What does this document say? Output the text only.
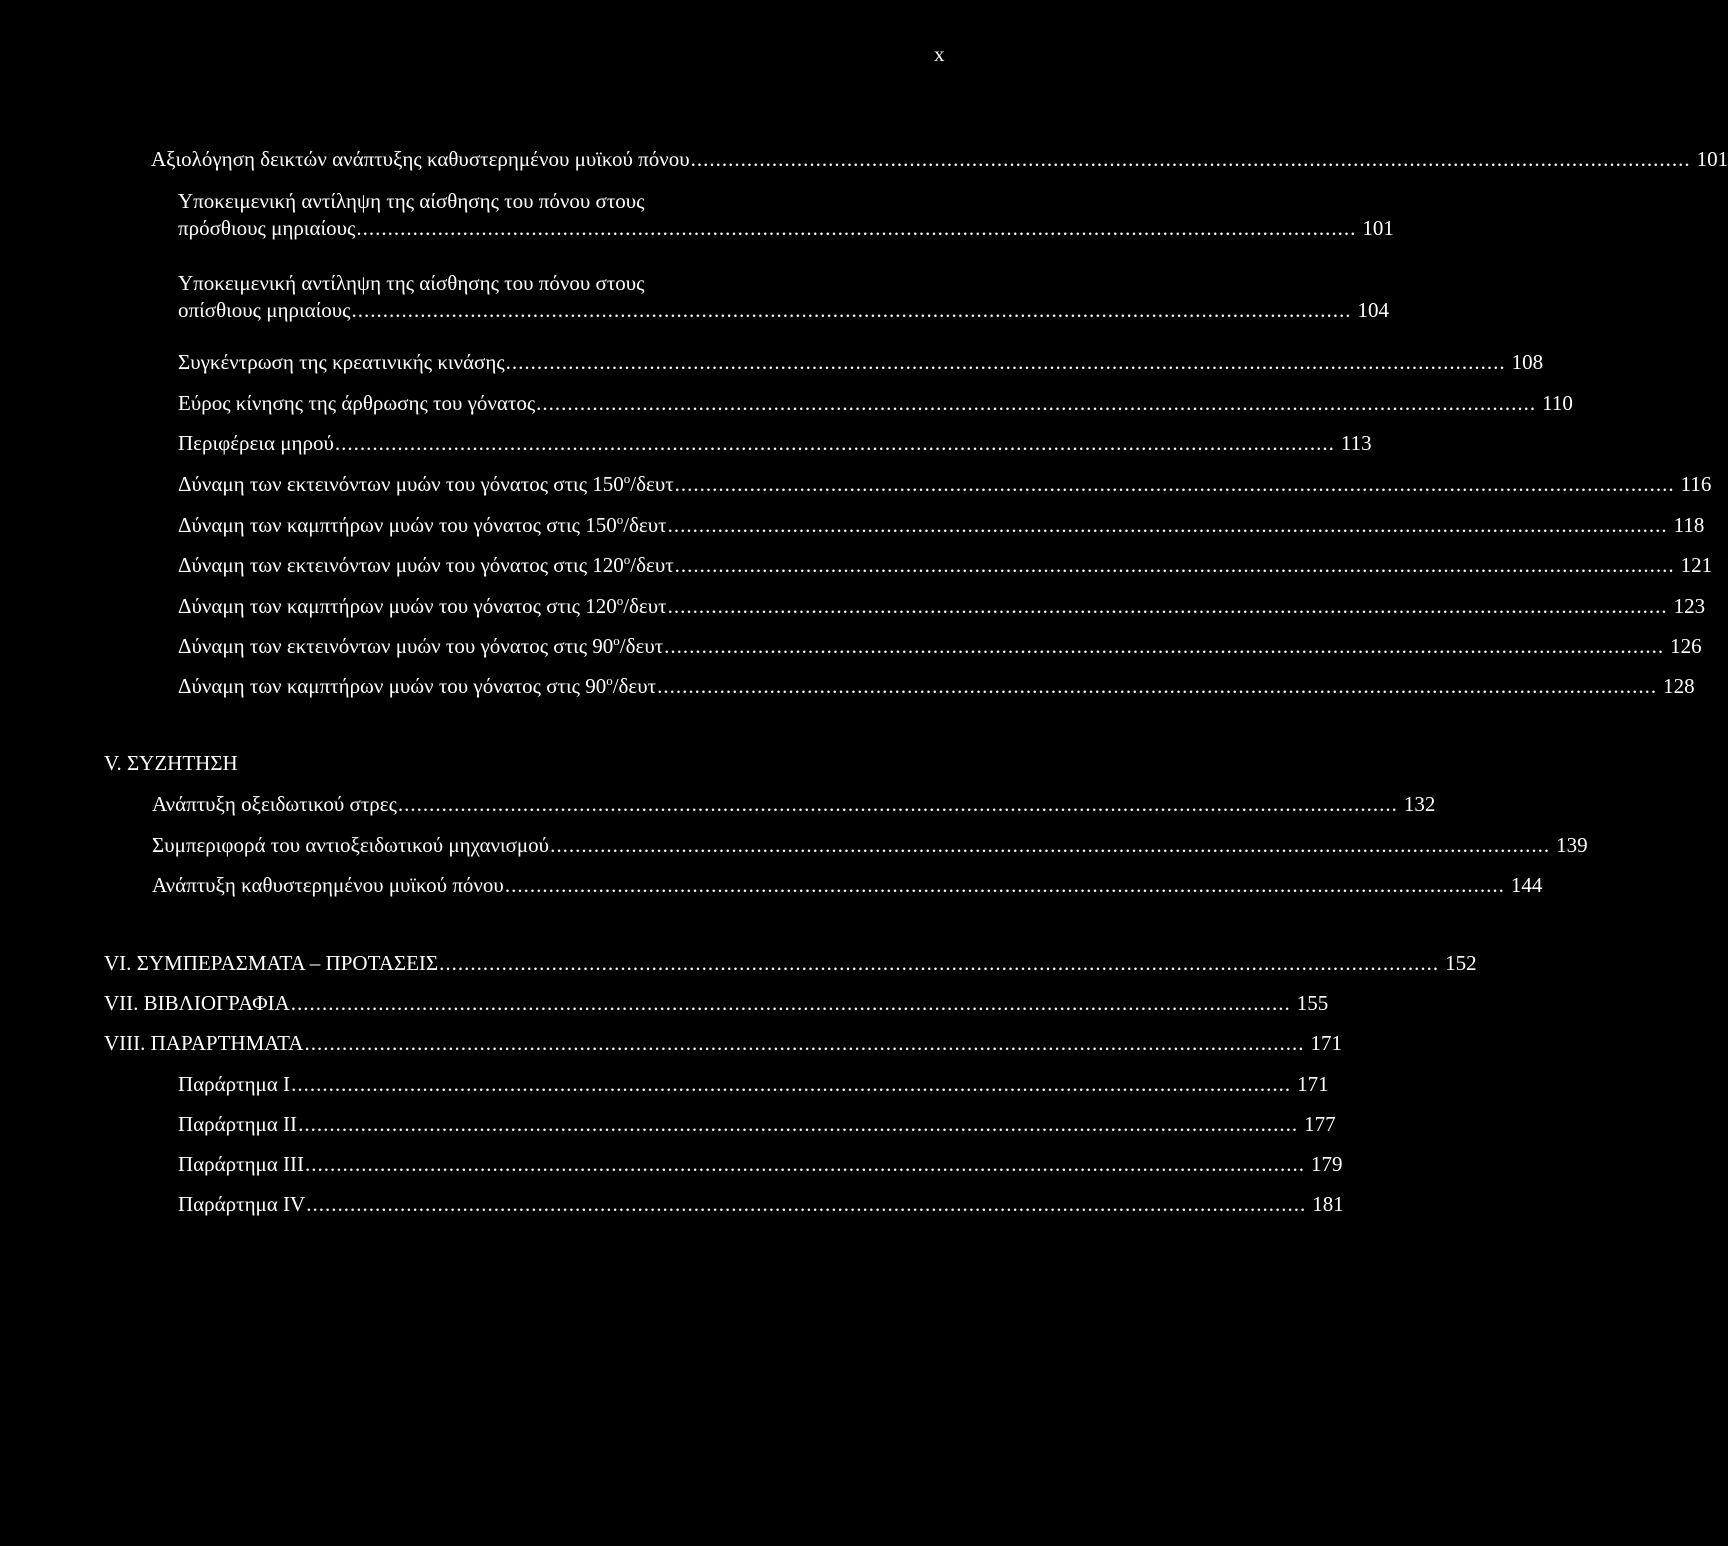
x
Αξιολόγηση δεικτών ανάπτυξης καθυστερημένου μυϊκού πόνου ................................................................................................................................................................ 101
Υποκειμενική αντίληψη της αίσθησης του πόνου στους
πρόσθιους μηριαίους ................................................................................................................................................................ 101
Υποκειμενική αντίληψη της αίσθησης του πόνου στους
οπίσθιους μηριαίους ................................................................................................................................................................ 104
Συγκέντρωση της κρεατινικής κινάσης ................................................................................................................................................................ 108
Εύρος κίνησης της άρθρωσης του γόνατος ................................................................................................................................................................ 110
Περιφέρεια μηρού ................................................................................................................................................................ 113
Δύναμη των εκτεινόντων μυών του γόνατος στις $150^o$/δευτ ................................................................................................................................................................ 116
Δύναμη των καμπτήρων μυών του γόνατος στις $150^o$/δευτ ................................................................................................................................................................ 118
Δύναμη των εκτεινόντων μυών του γόνατος στις $120^o$/δευτ ................................................................................................................................................................ 121
Δύναμη των καμπτήρων μυών του γόνατος στις $120^o$/δευτ ................................................................................................................................................................ 123
Δύναμη των εκτεινόντων μυών του γόνατος στις $90^o$/δευτ ................................................................................................................................................................ 126
Δύναμη των καμπτήρων μυών του γόνατος στις $90^o$/δευτ ................................................................................................................................................................ 128
V. ΣΥΖΗΤΗΣΗ
Ανάπτυξη οξειδωτικού στρες ................................................................................................................................................................ 132
Συμπεριφορά του αντιοξειδωτικού μηχανισμού ................................................................................................................................................................ 139
Ανάπτυξη καθυστερημένου μυϊκού πόνου ................................................................................................................................................................ 144
VI. ΣΥΜΠΕΡΑΣΜΑΤΑ – ΠΡΟΤΑΣΕΙΣ ................................................................................................................................................................ 152
VII. ΒΙΒΛΙΟΓΡΑΦΙΑ ................................................................................................................................................................ 155
VIII. ΠΑΡΑΡΤΗΜΑΤΑ ................................................................................................................................................................ 171
Παράρτημα Ι ................................................................................................................................................................ 171
Παράρτημα ΙΙ ................................................................................................................................................................ 177
Παράρτημα ΙΙΙ ................................................................................................................................................................ 179
Παράρτημα ΙV ................................................................................................................................................................ 181
